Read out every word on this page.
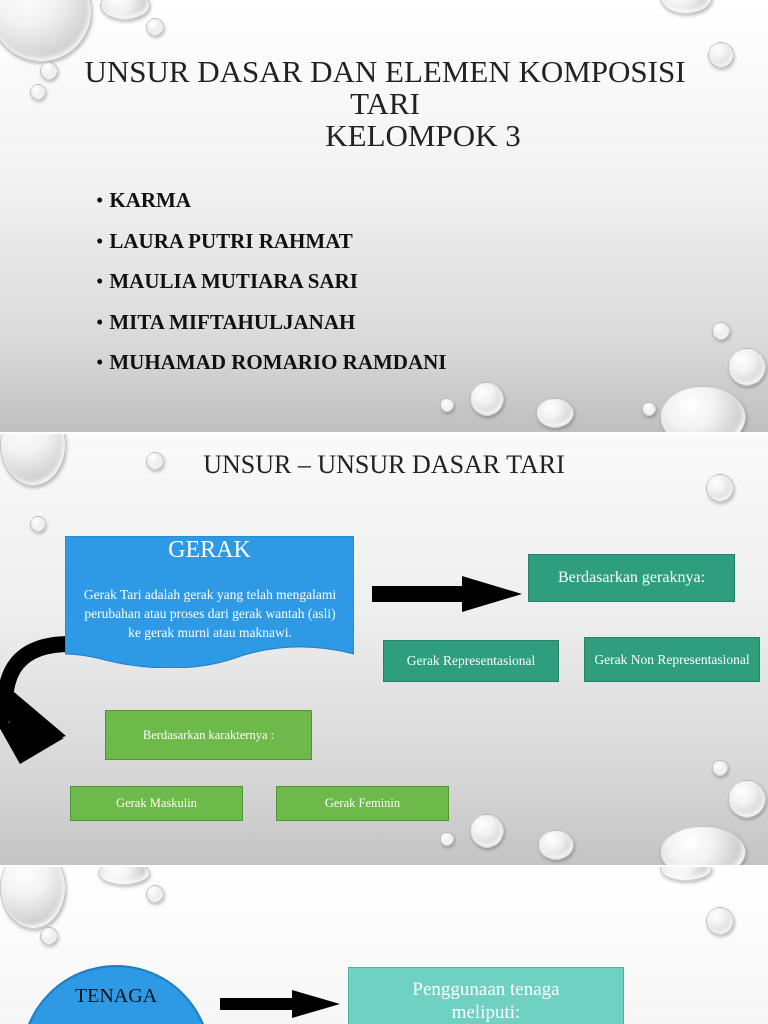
UNSUR DASAR DAN ELEMEN KOMPOSISI
TARI

KELOMPOK 3
• KARMA
• LAURA PUTRI RAHMAT
• MAULIA MUTIARA SARI
• MITA MIFTAHULJANAH
• MUHAMAD ROMARIO RAMDANI
UNSUR – UNSUR DASAR TARI
GERAK
Gerak Tari adalah gerak yang telah mengalami perubahan atau proses dari gerak wantah (asli) ke gerak murni atau maknawi.
Berdasarkan geraknya:
Gerak Representasional	Gerak Non Representasional
Berdasarkan karakternya :
Gerak Maskulin	Gerak Feminin
TENAGA	Penggunaan tenaga meliputi:
